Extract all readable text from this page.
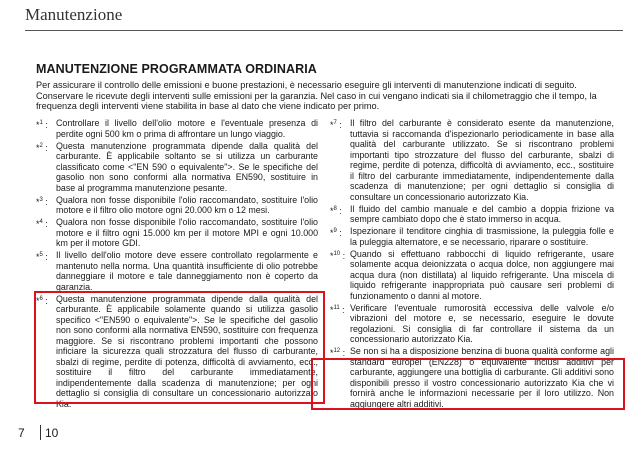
Manutenzione
MANUTENZIONE PROGRAMMATA ORDINARIA
Per assicurare il controllo delle emissioni e buone prestazioni, è necessario eseguire gli interventi di manutenzione indicati di seguito. Conservare le ricevute degli interventi sulle emissioni per la garanzia. Nel caso in cui vengano indicati sia il chilometraggio che il tempo, la frequenza degli interventi viene stabilita in base al dato che viene indicato per primo.
*$^1$ : Controllare il livello dell'olio motore e l'eventuale presenza di perdite ogni 500 km o prima di affrontare un lungo viaggio.
*$^2$ : Questa manutenzione programmata dipende dalla qualità del carburante. È applicabile soltanto se si utilizza un carburante classificato come <"EN 590 o equivalente">. Se le specifiche del gasolio non sono conformi alla normativa EN590, sostituire in base al programma manutenzione pesante.
*$^3$ : Qualora non fosse disponibile l'olio raccomandato, sostituire l'olio motore e il filtro olio motore ogni 20.000 km o 12 mesi.
*$^4$ : Qualora non fosse disponibile l'olio raccomandato, sostituire l'olio motore e il filtro ogni 15.000 km per il motore MPI e ogni 10.000 km per il motore GDI.
*$^5$ : Il livello dell'olio motore deve essere controllato regolarmente e mantenuto nella norma. Una quantità insufficiente di olio potrebbe danneggiare il motore e tale danneggiamento non è coperto da garanzia.
*$^6$ : Questa manutenzione programmata dipende dalla qualità del carburante. È applicabile solamente quando si utilizza gasolio specifico <"EN590 o equivalente">. Se le specifiche del gasolio non sono conformi alla normativa EN590, sostituire con frequenza maggiore. Se si riscontrano problemi importanti che possono inficiare la sicurezza quali strozzatura del flusso di carburante, sbalzi di regime, perdite di potenza, difficoltà di avviamento, ecc., sostituire il filtro del carburante immediatamente, indipendentemente dalla scadenza di manutenzione; per ogni dettaglio si consiglia di consultare un concessionario autorizzato Kia.
*$^7$ : Il filtro del carburante è considerato esente da manutenzione, tuttavia si raccomanda d'ispezionarlo periodicamente in base alla qualità del carburante utilizzato. Se si riscontrano problemi importanti tipo strozzature del flusso del carburante, sbalzi di regime, perdite di potenza, difficoltà di avviamento, ecc., sostituire il filtro del carburante immediatamente, indipendentemente dalla scadenza di manutenzione; per ogni dettaglio si consiglia di consultare un concessionario autorizzato Kia.
*$^8$ : Il fluido del cambio manuale e del cambio a doppia frizione va sempre cambiato dopo che è stato immerso in acqua.
*$^9$ : Ispezionare il tenditore cinghia di trasmissione, la puleggia folle e la puleggia alternatore, e se necessario, riparare o sostituire.
*$^{10}$ : Quando si effettuano rabbocchi di liquido refrigerante, usare solamente acqua deionizzata o acqua dolce, non aggiungere mai acqua dura (non distillata) al liquido refrigerante. Una miscela di liquido refrigerante inappropriata può causare seri problemi di funzionamento o danni al motore.
*$^{11}$ : Verificare l'eventuale rumorosità eccessiva delle valvole e/o vibrazioni del motore e, se necessario, eseguire le dovute regolazioni. Si consiglia di far controllare il sistema da un concessionario autorizzato Kia.
*$^{12}$ : Se non si ha a disposizione benzina di buona qualità conforme agli standard europei (EN228) o equivalente inclusi additivi per carburante, aggiungere una bottiglia di carburante. Gli additivi sono disponibili presso il vostro concessionario autorizzato Kia che vi fornirà anche le informazioni necessarie per il loro utilizzo. Non aggiungere altri additivi.
7 10
